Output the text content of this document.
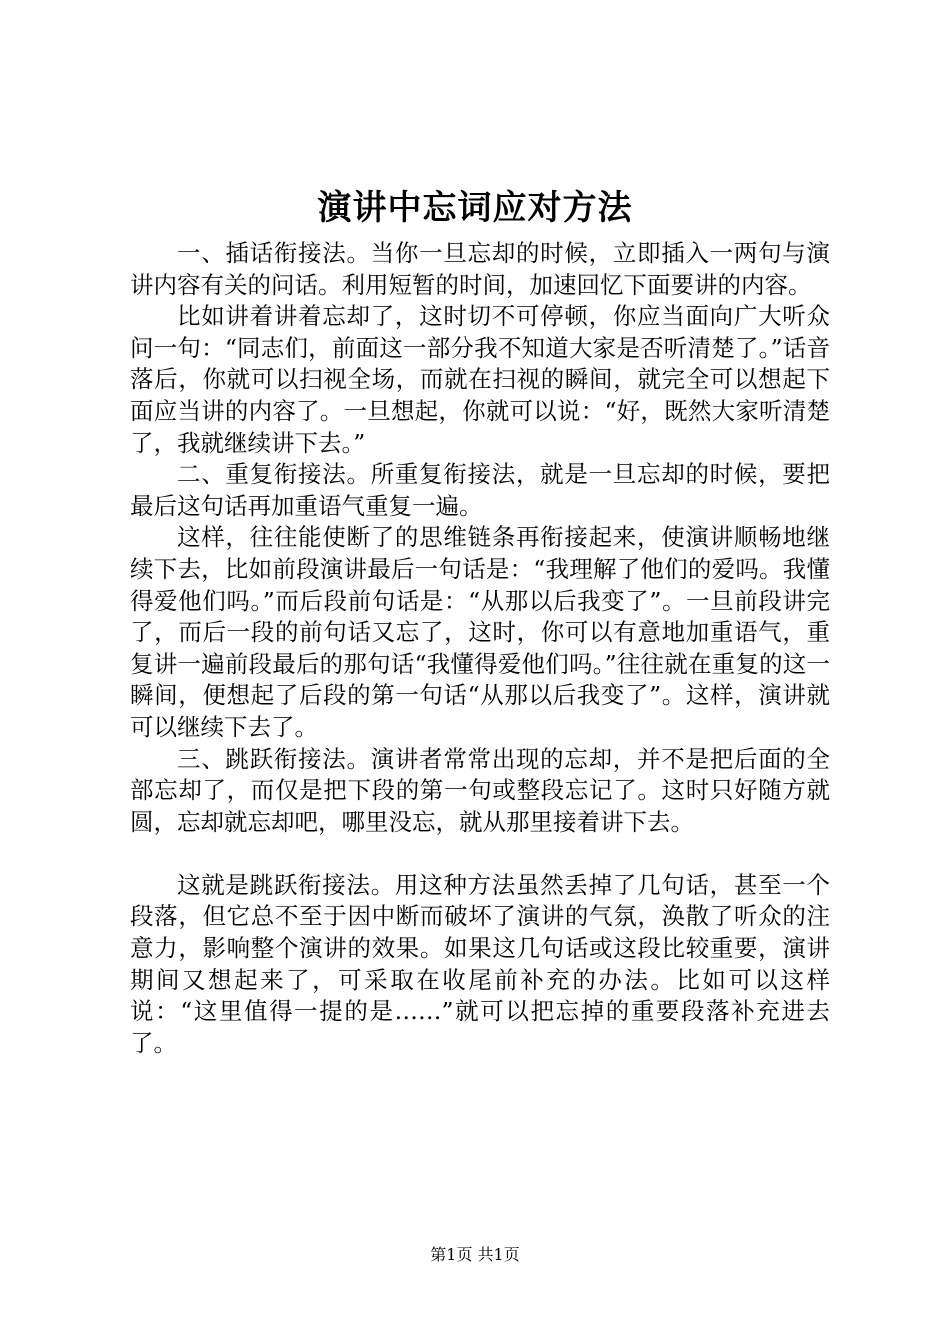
演讲中忘词应对方法

一、插话衔接法。当你一旦忘却的时候，立即插入一两句与演讲内容有关的问话。利用短暂的时间，加速回忆下面要讲的内容。

比如讲着讲着忘却了，这时切不可停顿，你应当面向广大听众问一句：“同志们，前面这一部分我不知道大家是否听清楚了。”话音落后，你就可以扫视全场，而就在扫视的瞬间，就完全可以想起下面应当讲的内容了。一旦想起，你就可以说：“好，既然大家听清楚了，我就继续讲下去。”

二、重复衔接法。所重复衔接法，就是一旦忘却的时候，要把最后这句话再加重语气重复一遍。

这样，往往能使断了的思维链条再衔接起来，使演讲顺畅地继续下去，比如前段演讲最后一句话是：“我理解了他们的爱吗。我懂得爱他们吗。”而后段前句话是：“从那以后我变了”。一旦前段讲完了，而后一段的前句话又忘了，这时，你可以有意地加重语气，重复讲一遍前段最后的那句话“我懂得爱他们吗。”往往就在重复的这一瞬间，便想起了后段的第一句话“从那以后我变了”。这样，演讲就可以继续下去了。

三、跳跃衔接法。演讲者常常出现的忘却，并不是把后面的全部忘却了，而仅是把下段的第一句或整段忘记了。这时只好随方就圆，忘却就忘却吧，哪里没忘，就从那里接着讲下去。

这就是跳跃衔接法。用这种方法虽然丢掉了几句话，甚至一个段落，但它总不至于因中断而破坏了演讲的气氛，涣散了听众的注意力，影响整个演讲的效果。如果这几句话或这段比较重要，演讲期间又想起来了，可采取在收尾前补充的办法。比如可以这样说：“这里值得一提的是……”就可以把忘掉的重要段落补充进去了。

第1页 共1页
